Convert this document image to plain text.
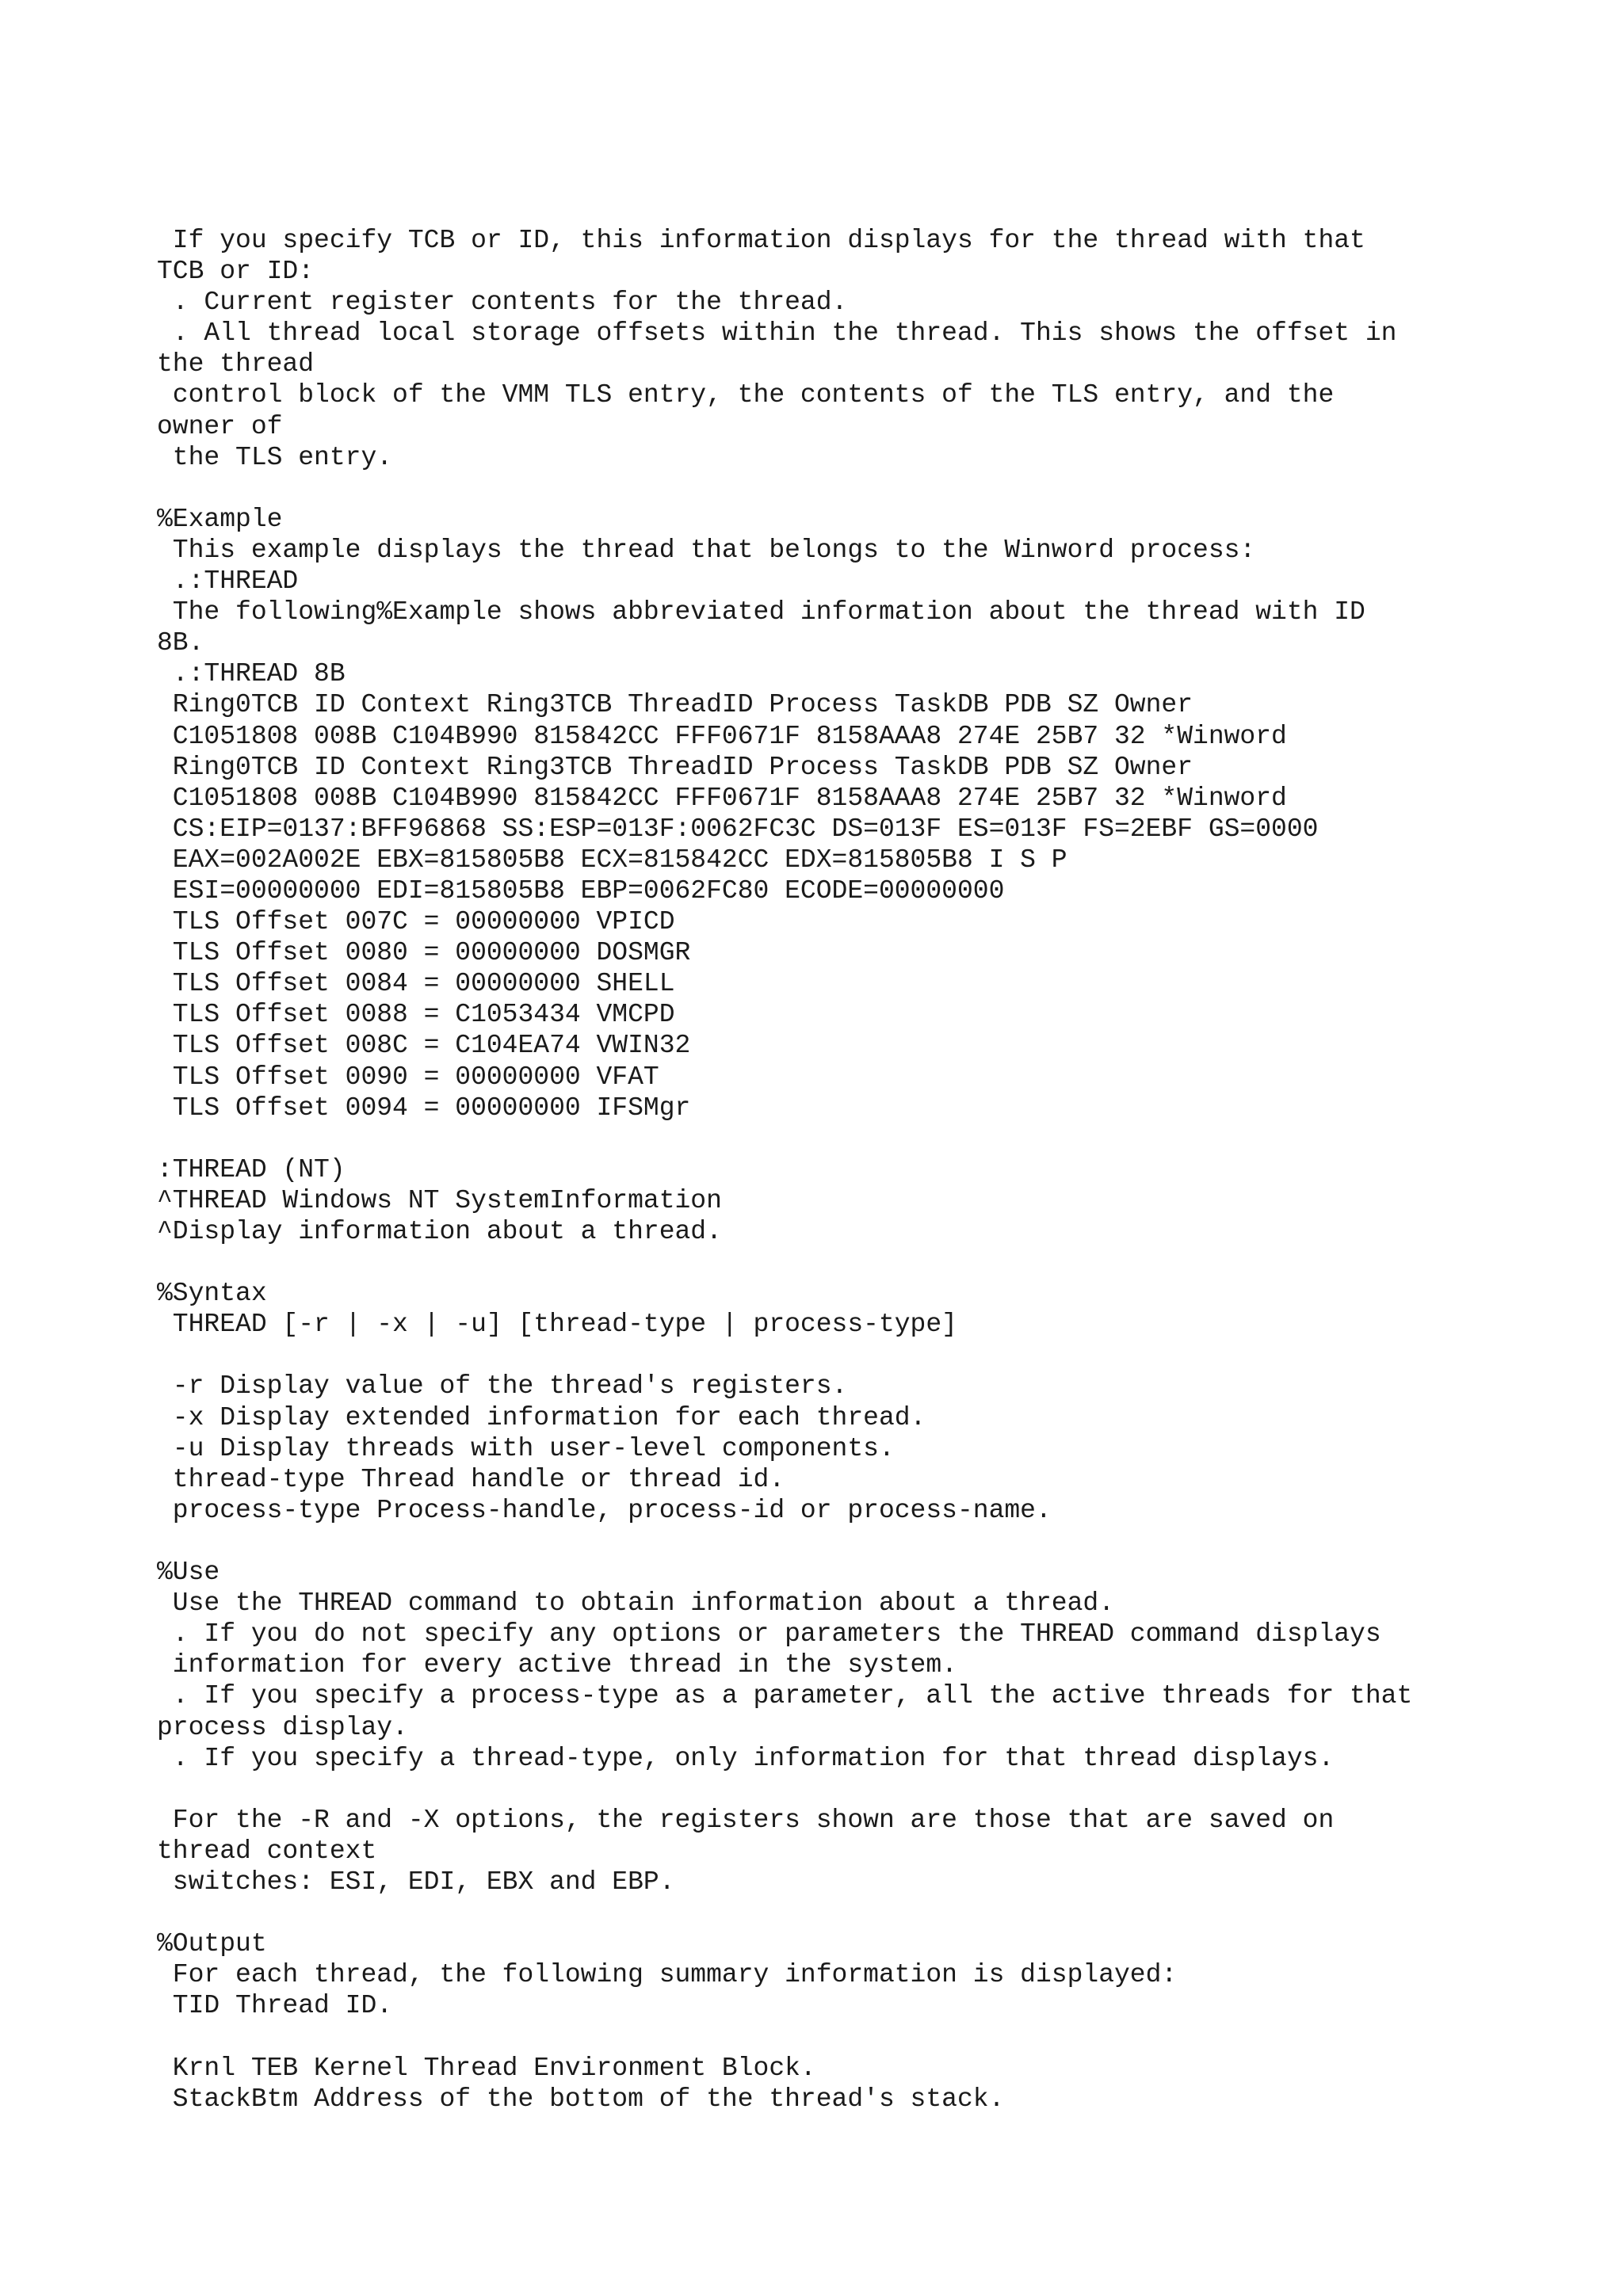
If you specify TCB or ID, this information displays for the thread with that
TCB or ID:
. Current register contents for the thread.
. All thread local storage offsets within the thread. This shows the offset in
the thread
control block of the VMM TLS entry, the contents of the TLS entry, and the
owner of
the TLS entry.
%Example
This example displays the thread that belongs to the Winword process:
.:THREAD
The following%Example shows abbreviated information about the thread with ID
8B.
.:THREAD 8B
Ring0TCB ID Context Ring3TCB ThreadID Process TaskDB PDB SZ Owner
C1051808 008B C104B990 815842CC FFF0671F 8158AAA8 274E 25B7 32 *Winword
Ring0TCB ID Context Ring3TCB ThreadID Process TaskDB PDB SZ Owner
C1051808 008B C104B990 815842CC FFF0671F 8158AAA8 274E 25B7 32 *Winword
CS:EIP=0137:BFF96868 SS:ESP=013F:0062FC3C DS=013F ES=013F FS=2EBF GS=0000
EAX=002A002E EBX=815805B8 ECX=815842CC EDX=815805B8 I S P
ESI=00000000 EDI=815805B8 EBP=0062FC80 ECODE=00000000
TLS Offset 007C = 00000000 VPICD
TLS Offset 0080 = 00000000 DOSMGR
TLS Offset 0084 = 00000000 SHELL
TLS Offset 0088 = C1053434 VMCPD
TLS Offset 008C = C104EA74 VWIN32
TLS Offset 0090 = 00000000 VFAT
TLS Offset 0094 = 00000000 IFSMgr
:THREAD (NT)
^THREAD Windows NT SystemInformation
^Display information about a thread.
%Syntax
THREAD [-r | -x | -u] [thread-type | process-type]
-r Display value of the thread's registers.
-x Display extended information for each thread.
-u Display threads with user-level components.
thread-type Thread handle or thread id.
process-type Process-handle, process-id or process-name.
%Use
Use the THREAD command to obtain information about a thread.
. If you do not specify any options or parameters the THREAD command displays
information for every active thread in the system.
. If you specify a process-type as a parameter, all the active threads for that
process display.
. If you specify a thread-type, only information for that thread displays.
For the -R and -X options, the registers shown are those that are saved on
thread context
switches: ESI, EDI, EBX and EBP.
%Output
For each thread, the following summary information is displayed:
TID Thread ID.
Krnl TEB Kernel Thread Environment Block.
StackBtm Address of the bottom of the thread's stack.
